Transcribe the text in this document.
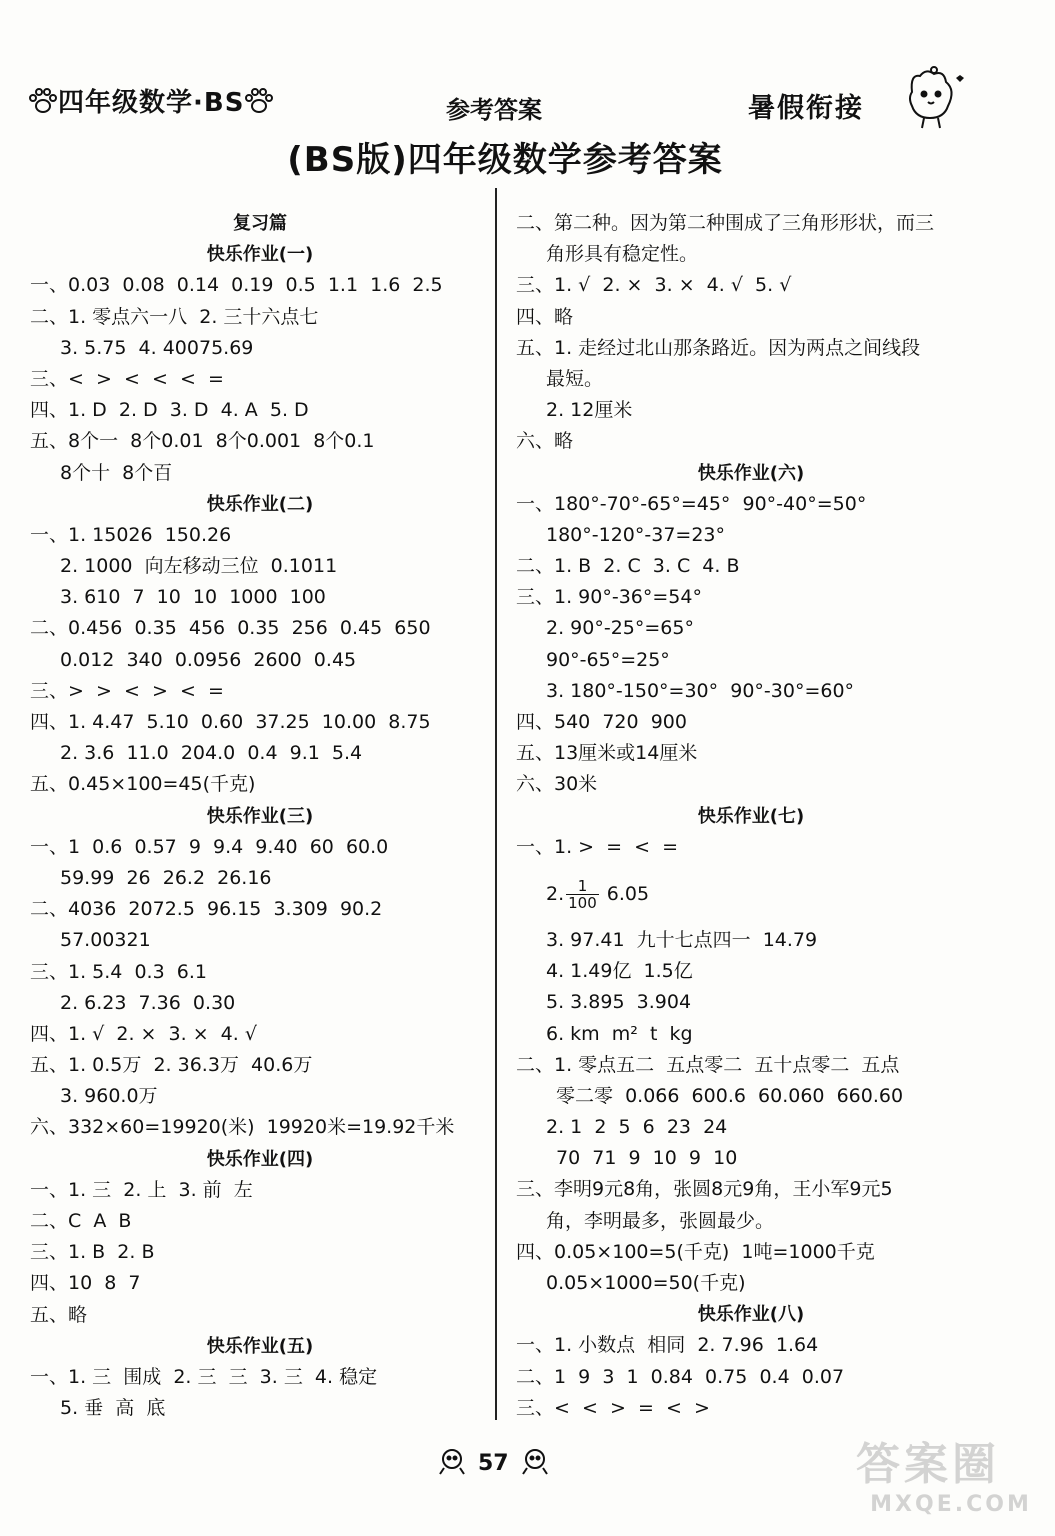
四年级数学·BS	参考答案	暑假衔接
(BS版)四年级数学参考答案
复习篇
快乐作业(一)
一、0.03  0.08  0.14  0.19  0.5  1.1  1.6  2.5
二、1. 零点六一八  2. 三十六点七
3. 5.75  4. 40075.69
三、<  >  <  <  <  =
四、1. D  2. D  3. D  4. A  5. D
五、8个一  8个0.01  8个0.001  8个0.1
8个十  8个百
快乐作业(二)
一、1. 15026  150.26
2. 1000  向左移动三位  0.1011
3. 610  7  10  10  1000  100
二、0.456  0.35  456  0.35  256  0.45  650
0.012  340  0.0956  2600  0.45
三、>  >  <  >  <  =
四、1. 4.47  5.10  0.60  37.25  10.00  8.75
2. 3.6  11.0  204.0  0.4  9.1  5.4
五、0.45×100=45(千克)
快乐作业(三)
一、1  0.6  0.57  9  9.4  9.40  60  60.0
59.99  26  26.2  26.16
二、4036  2072.5  96.15  3.309  90.2
57.00321
三、1. 5.4  0.3  6.1
2. 6.23  7.36  0.30
四、1. √  2. ×  3. ×  4. √
五、1. 0.5万  2. 36.3万  40.6万
3. 960.0万
六、332×60=19920(米)  19920米=19.92千米
快乐作业(四)
一、1. 三  2. 上  3. 前  左
二、C  A  B
三、1. B  2. B
四、10  8  7
五、略
快乐作业(五)
一、1. 三  围成  2. 三  三  3. 三  4. 稳定
5. 垂  高  底
二、第二种。因为第二种围成了三角形形状，而三
角形具有稳定性。
三、1. √  2. ×  3. ×  4. √  5. √
四、略
五、1. 走经过北山那条路近。因为两点之间线段
最短。
2. 12厘米
六、略
快乐作业(六)
一、180°-70°-65°=45°  90°-40°=50°
180°-120°-37=23°
二、1. B  2. C  3. C  4. B
三、1. 90°-36°=54°
2. 90°-25°=65°
90°-65°=25°
3. 180°-150°=30°  90°-30°=60°
四、540  720  900
五、13厘米或14厘米
六、30米
快乐作业(七)
一、1. >  =  <  =
2. $\frac{1}{100} 6.05$
3. 97.41  九十七点四一  14.79
4. 1.49亿  1.5亿
5. 3.895  3.904
6. km  m²  t  kg
二、1. 零点五二  五点零二  五十点零二  五点
零二零  0.066  600.6  60.060  660.60
2. 1  2  5  6  23  24
70  71  9  10  9  10
三、李明9元8角，张圆8元9角，王小军9元5
角，李明最多，张圆最少。
四、0.05×100=5(千克)  1吨=1000千克
0.05×1000=50(千克)
快乐作业(八)
一、1. 小数点  相同  2. 7.96  1.64
二、1  9  3  1  0.84  0.75  0.4  0.07
三、<  <  >  =  <  >
57	答案圈
MXQE.COM
